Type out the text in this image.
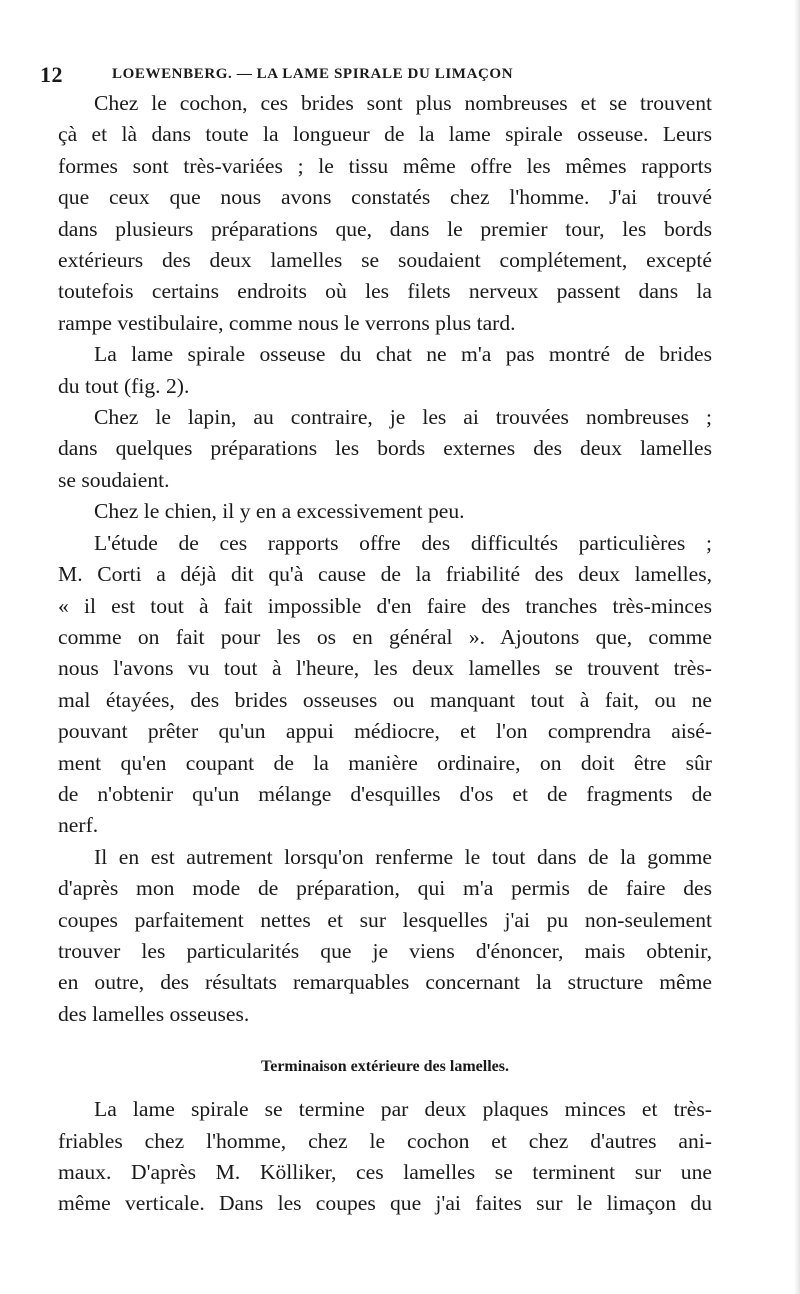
12	LOEWENBERG. — LA LAME SPIRALE DU LIMAÇON
Chez le cochon, ces brides sont plus nombreuses et se trouvent
çà et là dans toute la longueur de la lame spirale osseuse. Leurs
formes sont très-variées ; le tissu même offre les mêmes rapports
que ceux que nous avons constatés chez l'homme. J'ai trouvé
dans plusieurs préparations que, dans le premier tour, les bords
extérieurs des deux lamelles se soudaient complétement, excepté
toutefois certains endroits où les filets nerveux passent dans la
rampe vestibulaire, comme nous le verrons plus tard.
La lame spirale osseuse du chat ne m'a pas montré de brides
du tout (fig. 2).
Chez le lapin, au contraire, je les ai trouvées nombreuses ;
dans quelques préparations les bords externes des deux lamelles
se soudaient.
Chez le chien, il y en a excessivement peu.
L'étude de ces rapports offre des difficultés particulières ;
M. Corti a déjà dit qu'à cause de la friabilité des deux lamelles,
« il est tout à fait impossible d'en faire des tranches très-minces
comme on fait pour les os en général ». Ajoutons que, comme
nous l'avons vu tout à l'heure, les deux lamelles se trouvent très-
mal étayées, des brides osseuses ou manquant tout à fait, ou ne
pouvant prêter qu'un appui médiocre, et l'on comprendra aisé-
ment qu'en coupant de la manière ordinaire, on doit être sûr
de n'obtenir qu'un mélange d'esquilles d'os et de fragments de
nerf.
Il en est autrement lorsqu'on renferme le tout dans de la gomme
d'après mon mode de préparation, qui m'a permis de faire des
coupes parfaitement nettes et sur lesquelles j'ai pu non-seulement
trouver les particularités que je viens d'énoncer, mais obtenir,
en outre, des résultats remarquables concernant la structure même
des lamelles osseuses.
Terminaison extérieure des lamelles.
La lame spirale se termine par deux plaques minces et très-
friables chez l'homme, chez le cochon et chez d'autres ani-
maux. D'après M. Kölliker, ces lamelles se terminent sur une
même verticale. Dans les coupes que j'ai faites sur le limaçon du
